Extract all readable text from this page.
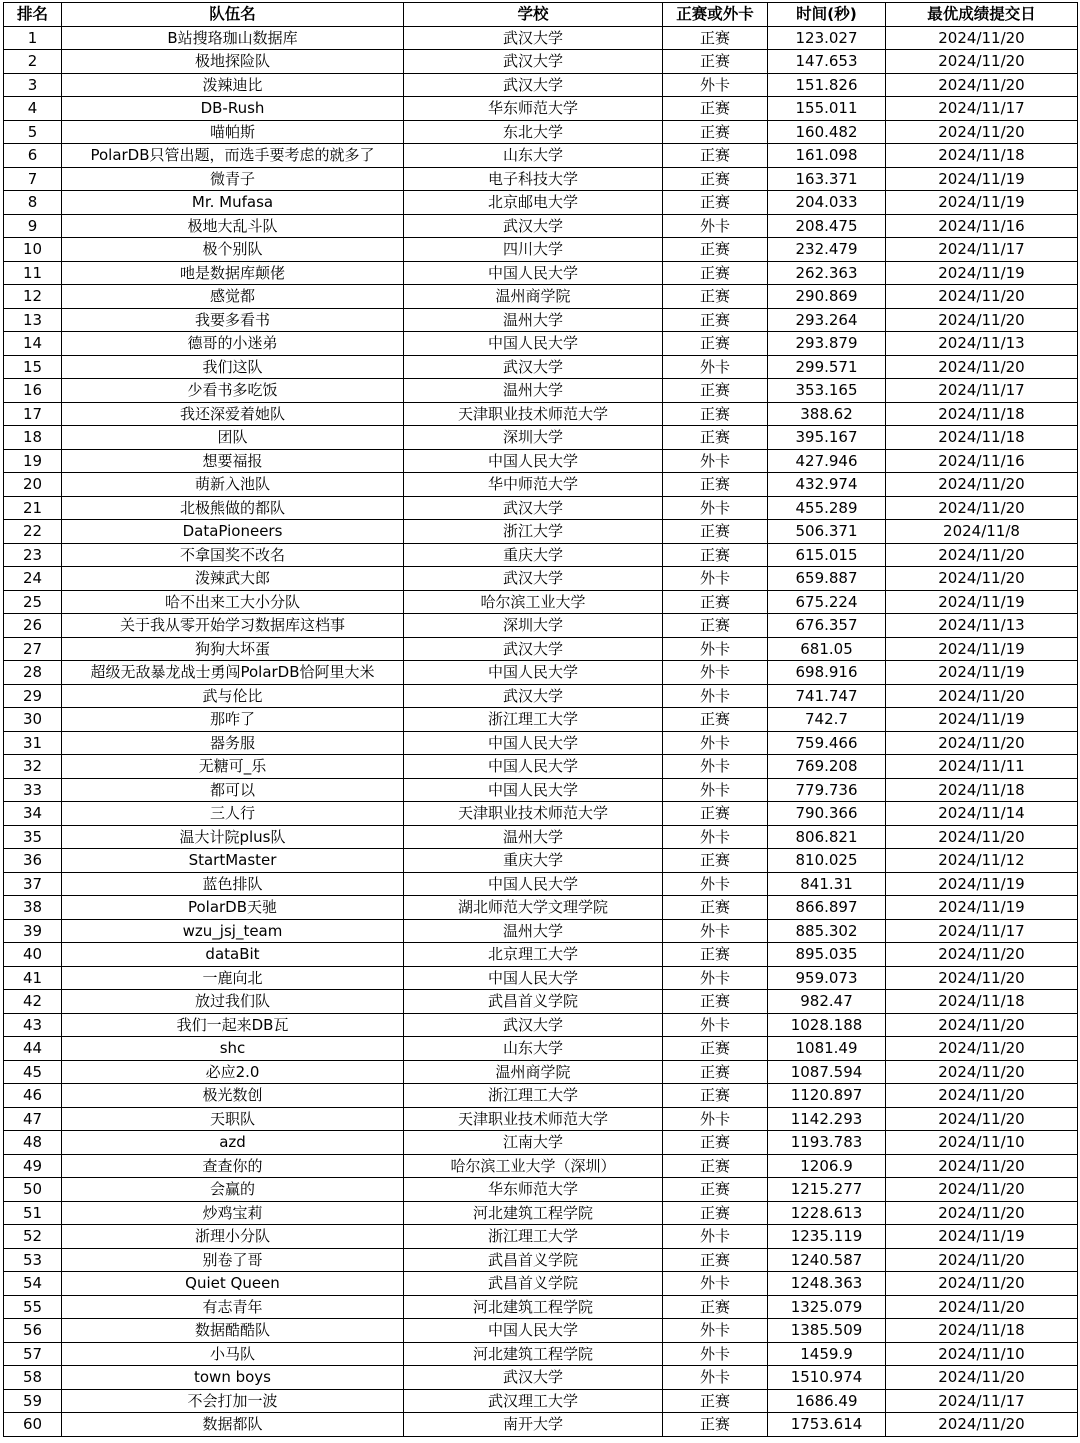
排名	队伍名	学校	正赛或外卡	时间(秒)	最优成绩提交日
1	B站搜珞珈山数据库	武汉大学	正赛	123.027	2024/11/20
2	极地探险队	武汉大学	正赛	147.653	2024/11/20
3	泼辣迪比	武汉大学	外卡	151.826	2024/11/20
4	DB-Rush	华东师范大学	正赛	155.011	2024/11/17
5	喵帕斯	东北大学	正赛	160.482	2024/11/20
6	PolarDB只管出题，而选手要考虑的就多了	山东大学	正赛	161.098	2024/11/18
7	微青子	电子科技大学	正赛	163.371	2024/11/19
8	Mr. Mufasa	北京邮电大学	正赛	204.033	2024/11/19
9	极地大乱斗队	武汉大学	外卡	208.475	2024/11/16
10	极个别队	四川大学	正赛	232.479	2024/11/17
11	吔是数据库颠佬	中国人民大学	正赛	262.363	2024/11/19
12	感觉都	温州商学院	正赛	290.869	2024/11/20
13	我要多看书	温州大学	正赛	293.264	2024/11/20
14	德哥的小迷弟	中国人民大学	正赛	293.879	2024/11/13
15	我们这队	武汉大学	外卡	299.571	2024/11/20
16	少看书多吃饭	温州大学	正赛	353.165	2024/11/17
17	我还深爱着她队	天津职业技术师范大学	正赛	388.62	2024/11/18
18	团队	深圳大学	正赛	395.167	2024/11/18
19	想要福报	中国人民大学	外卡	427.946	2024/11/16
20	萌新入池队	华中师范大学	正赛	432.974	2024/11/20
21	北极熊做的都队	武汉大学	外卡	455.289	2024/11/20
22	DataPioneers	浙江大学	正赛	506.371	2024/11/8
23	不拿国奖不改名	重庆大学	正赛	615.015	2024/11/20
24	泼辣武大郎	武汉大学	外卡	659.887	2024/11/20
25	哈不出来工大小分队	哈尔滨工业大学	正赛	675.224	2024/11/19
26	关于我从零开始学习数据库这档事	深圳大学	正赛	676.357	2024/11/13
27	狗狗大坏蛋	武汉大学	外卡	681.05	2024/11/19
28	超级无敌暴龙战士勇闯PolarDB恰阿里大米	中国人民大学	外卡	698.916	2024/11/19
29	武与伦比	武汉大学	外卡	741.747	2024/11/20
30	那咋了	浙江理工大学	正赛	742.7	2024/11/19
31	器务服	中国人民大学	外卡	759.466	2024/11/20
32	无糖可_乐	中国人民大学	外卡	769.208	2024/11/11
33	都可以	中国人民大学	外卡	779.736	2024/11/18
34	三人行	天津职业技术师范大学	正赛	790.366	2024/11/14
35	温大计院plus队	温州大学	外卡	806.821	2024/11/20
36	StartMaster	重庆大学	正赛	810.025	2024/11/12
37	蓝色排队	中国人民大学	外卡	841.31	2024/11/19
38	PolarDB天驰	湖北师范大学文理学院	正赛	866.897	2024/11/19
39	wzu_jsj_team	温州大学	外卡	885.302	2024/11/17
40	dataBit	北京理工大学	正赛	895.035	2024/11/20
41	一鹿向北	中国人民大学	外卡	959.073	2024/11/20
42	放过我们队	武昌首义学院	正赛	982.47	2024/11/18
43	我们一起来DB瓦	武汉大学	外卡	1028.188	2024/11/20
44	shc	山东大学	正赛	1081.49	2024/11/20
45	必应2.0	温州商学院	正赛	1087.594	2024/11/20
46	极光数创	浙江理工大学	正赛	1120.897	2024/11/20
47	天职队	天津职业技术师范大学	外卡	1142.293	2024/11/20
48	azd	江南大学	正赛	1193.783	2024/11/10
49	查查你的	哈尔滨工业大学（深圳）	正赛	1206.9	2024/11/20
50	会赢的	华东师范大学	正赛	1215.277	2024/11/20
51	炒鸡宝莉	河北建筑工程学院	正赛	1228.613	2024/11/20
52	浙理小分队	浙江理工大学	外卡	1235.119	2024/11/19
53	别卷了哥	武昌首义学院	正赛	1240.587	2024/11/20
54	Quiet Queen	武昌首义学院	外卡	1248.363	2024/11/20
55	有志青年	河北建筑工程学院	正赛	1325.079	2024/11/20
56	数据酷酷队	中国人民大学	外卡	1385.509	2024/11/18
57	小马队	河北建筑工程学院	外卡	1459.9	2024/11/10
58	town boys	武汉大学	外卡	1510.974	2024/11/20
59	不会打加一波	武汉理工大学	正赛	1686.49	2024/11/17
60	数据都队	南开大学	正赛	1753.614	2024/11/20
